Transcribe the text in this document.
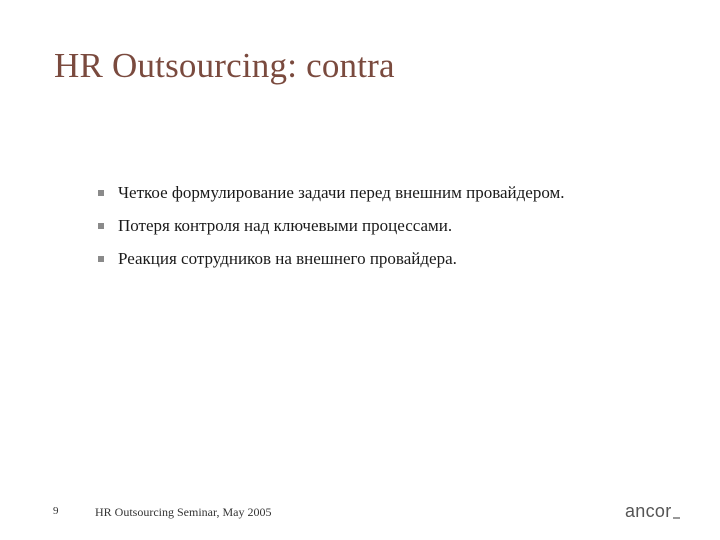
HR Outsourcing: contra
Четкое формулирование задачи перед внешним провайдером.
Потеря контроля над ключевыми процессами.
Реакция сотрудников на внешнего провайдера.
9	HR Outsourcing Seminar, May 2005	ancor
